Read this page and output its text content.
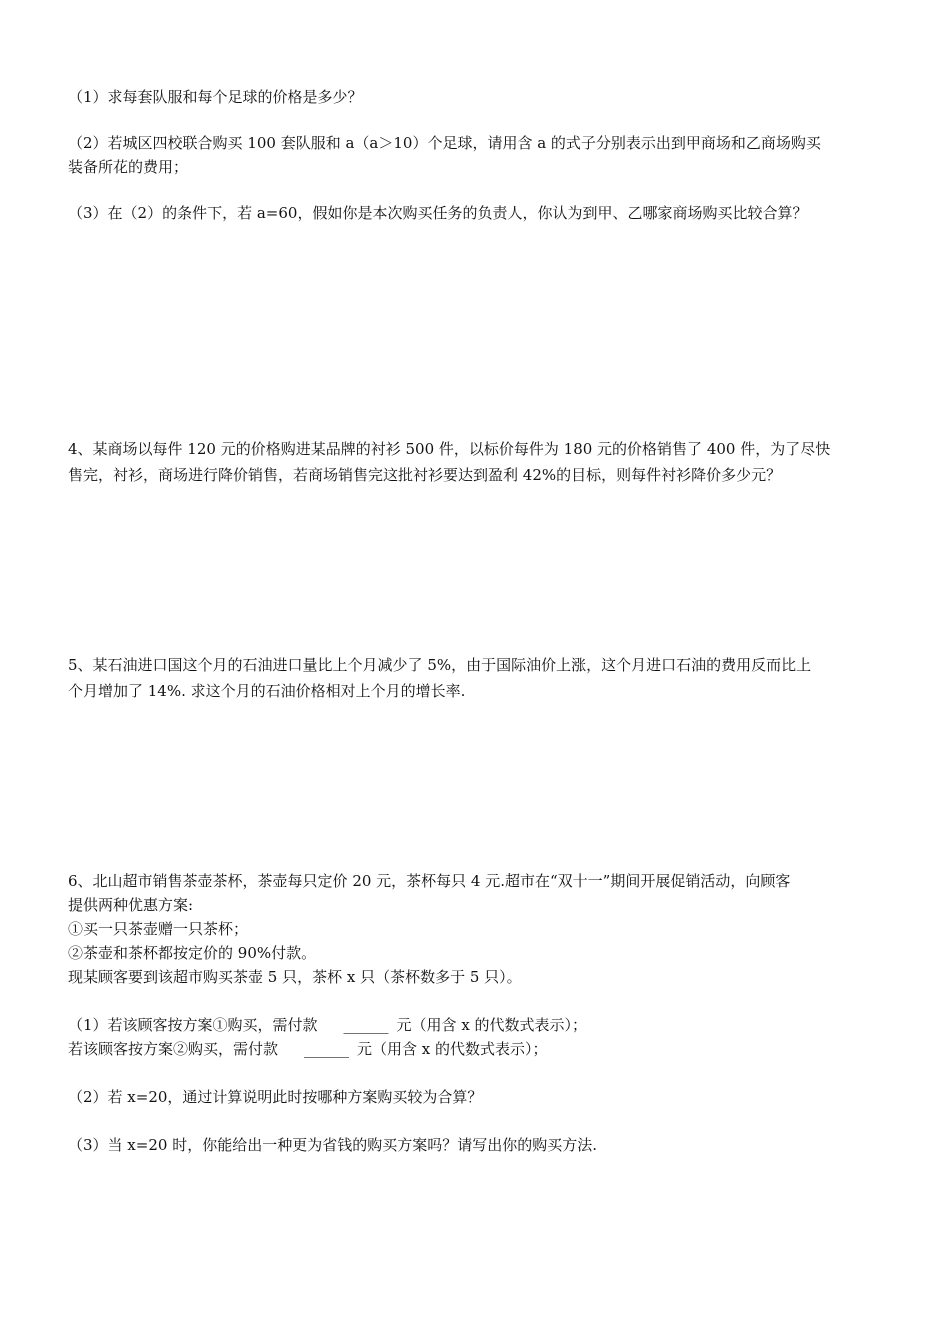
（1）求每套队服和每个足球的价格是多少？
（2）若城区四校联合购买 100 套队服和 a（a＞10）个足球，请用含 a 的式子分别表示出到甲商场和乙商场购买
装备所花的费用；
（3）在（2）的条件下，若 a=60，假如你是本次购买任务的负责人，你认为到甲、乙哪家商场购买比较合算？
4、某商场以每件 120 元的价格购进某品牌的衬衫 500 件，以标价每件为 180 元的价格销售了 400 件，为了尽快
售完，衬衫，商场进行降价销售，若商场销售完这批衬衫要达到盈利 42%的目标，则每件衬衫降价多少元？
5、某石油进口国这个月的石油进口量比上个月减少了 5%，由于国际油价上涨，这个月进口石油的费用反而比上
个月增加了 14%. 求这个月的石油价格相对上个月的增长率.
6、北山超市销售茶壶茶杯，茶壶每只定价 20 元，茶杯每只 4 元.超市在“双十一”期间开展促销活动，向顾客
提供两种优惠方案:
①买一只茶壶赠一只茶杯；
②茶壶和茶杯都按定价的 90%付款。
现某顾客要到该超市购买茶壶 5 只，茶杯 x 只（茶杯数多于 5 只）。
（1）若该顾客按方案①购买，需付款 ______ 元（用含 x 的代数式表示）；
若该顾客按方案②购买，需付款 ______ 元（用含 x 的代数式表示）；
（2）若 x=20，通过计算说明此时按哪种方案购买较为合算？
（3）当 x=20 时，你能给出一种更为省钱的购买方案吗？请写出你的购买方法.
